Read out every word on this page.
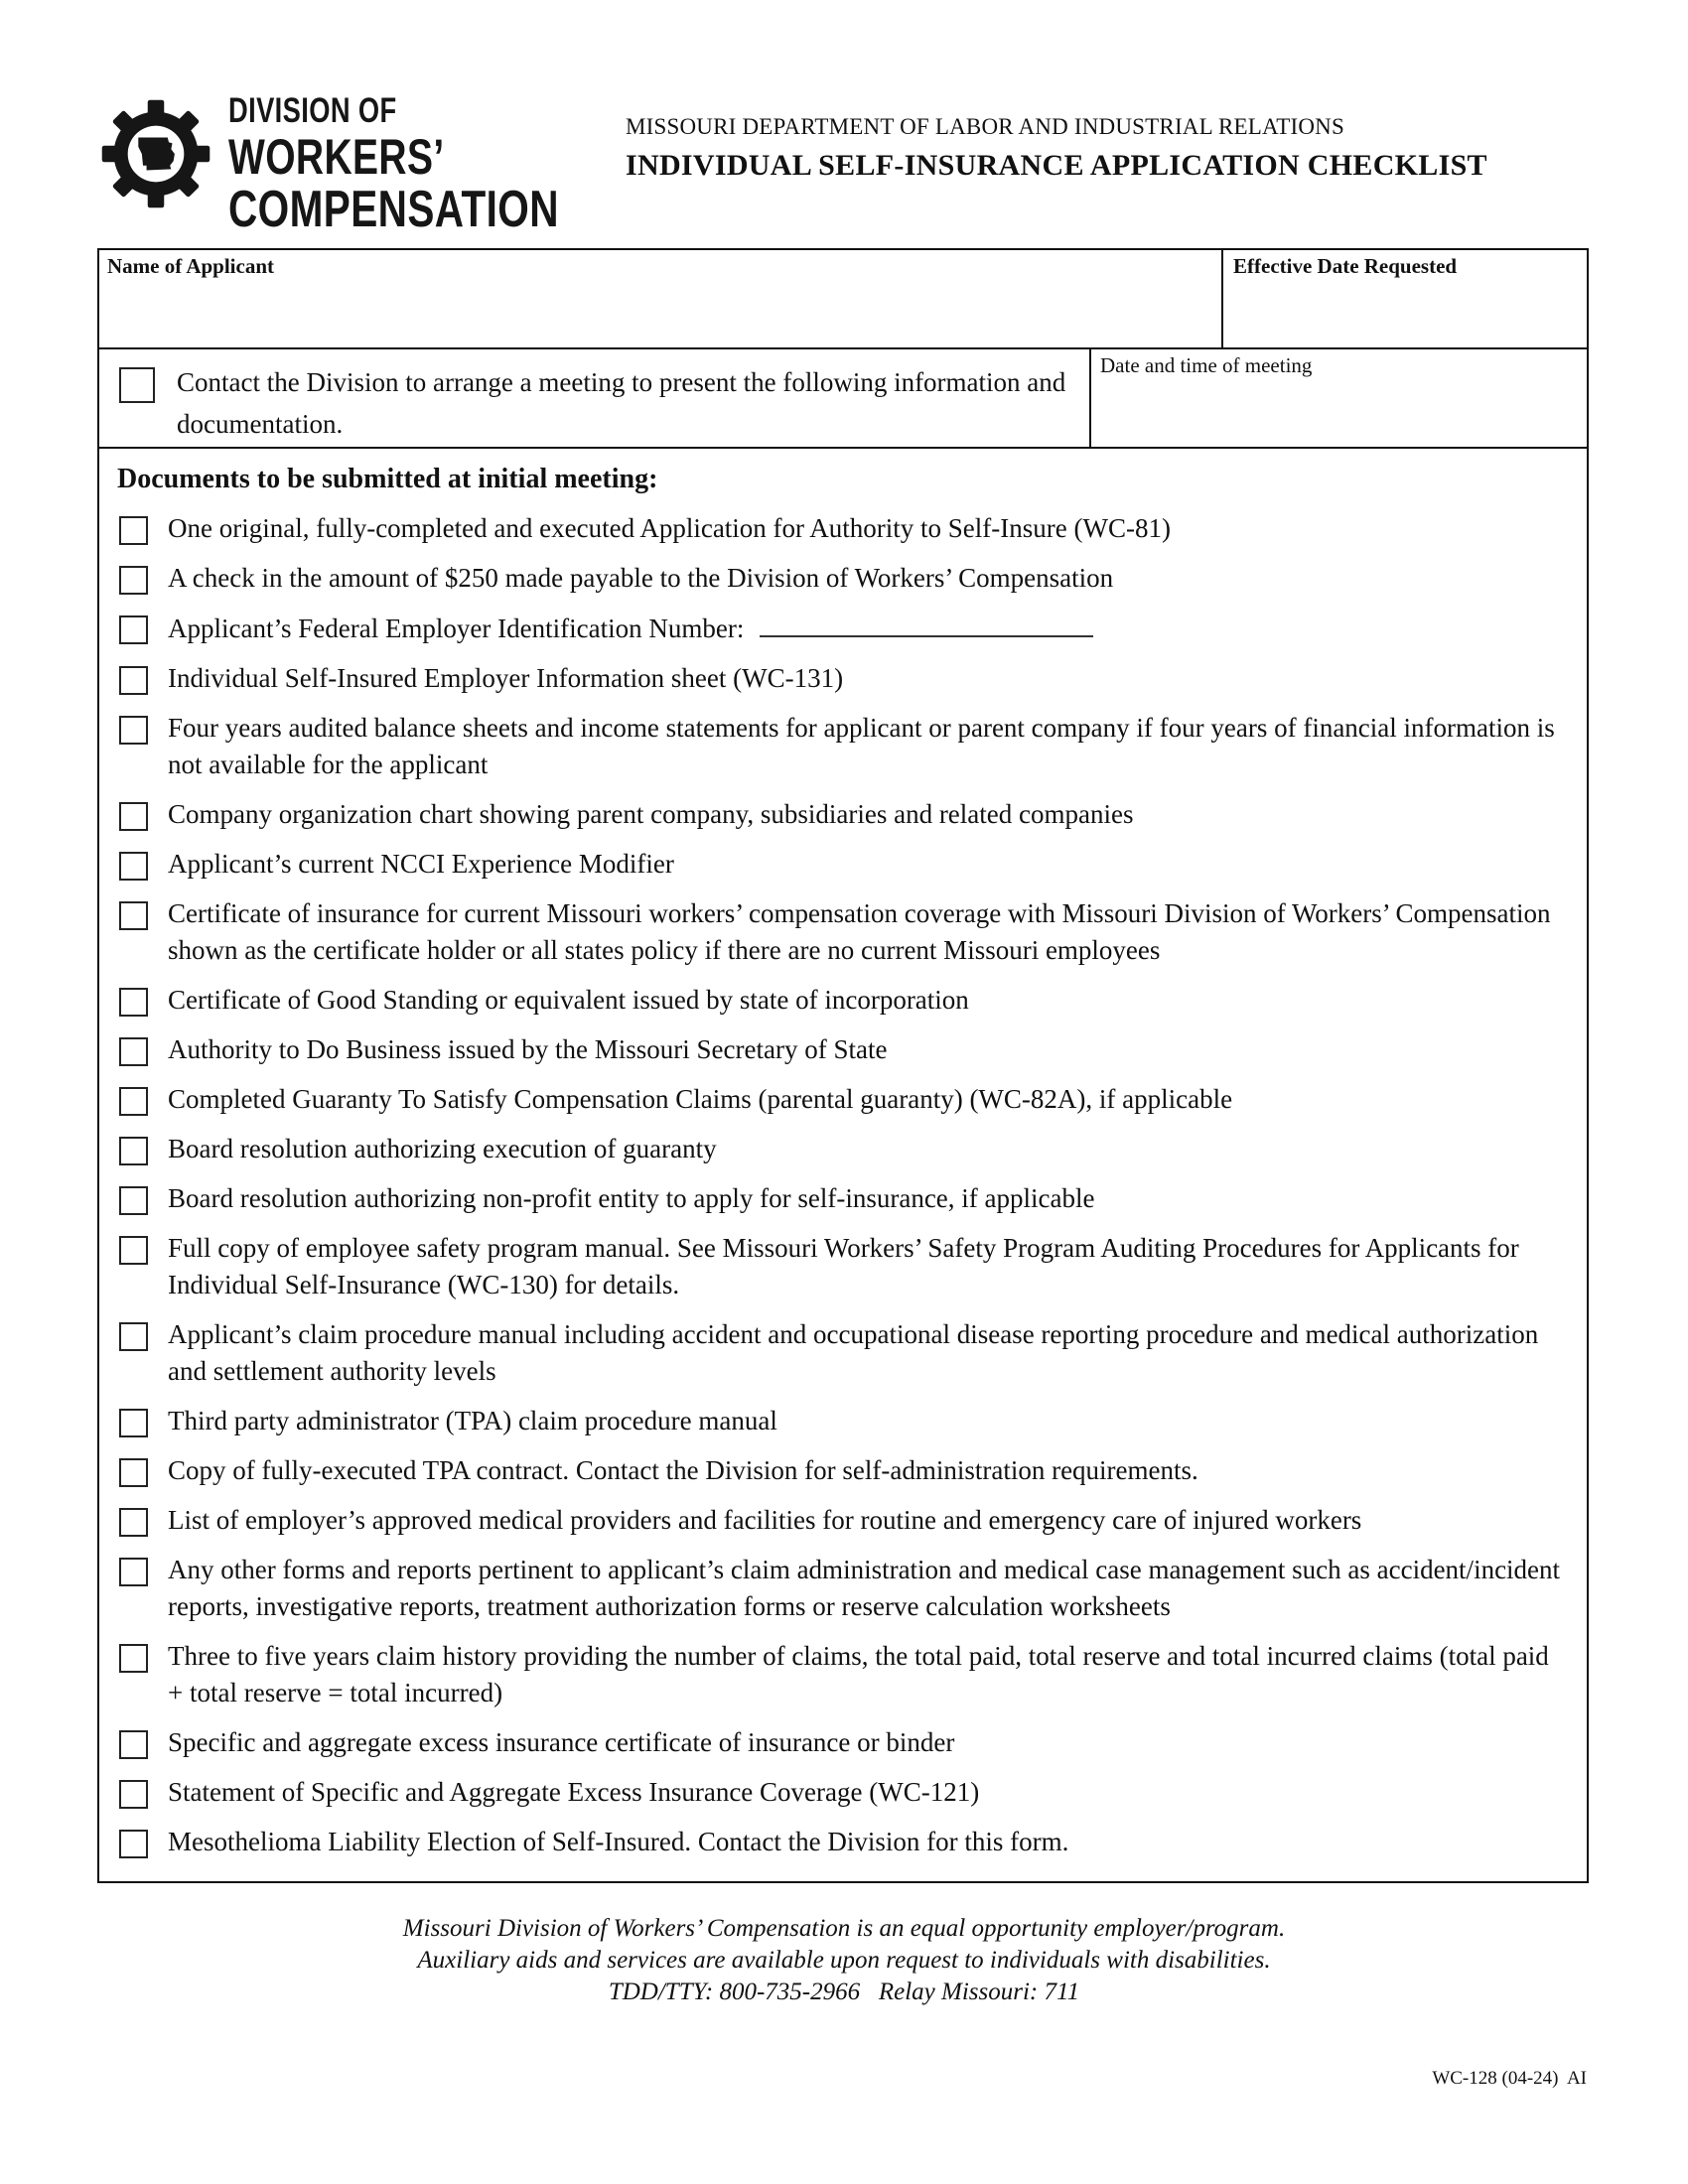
DIVISION OF
WORKERS’
COMPENSATION
MISSOURI DEPARTMENT OF LABOR AND INDUSTRIAL RELATIONS
INDIVIDUAL SELF-INSURANCE APPLICATION CHECKLIST
Name of Applicant	Effective Date Requested
Contact the Division to arrange a meeting to present the following information and documentation.
Date and time of meeting
Documents to be submitted at initial meeting:
One original, fully-completed and executed Application for Authority to Self-Insure (WC-81)
A check in the amount of $250 made payable to the Division of Workers’ Compensation
Applicant’s Federal Employer Identification Number:
Individual Self-Insured Employer Information sheet (WC-131)
Four years audited balance sheets and income statements for applicant or parent company if four years of financial information is not available for the applicant
Company organization chart showing parent company, subsidiaries and related companies
Applicant’s current NCCI Experience Modifier
Certificate of insurance for current Missouri workers’ compensation coverage with Missouri Division of Workers’ Compensation shown as the certificate holder or all states policy if there are no current Missouri employees
Certificate of Good Standing or equivalent issued by state of incorporation
Authority to Do Business issued by the Missouri Secretary of State
Completed Guaranty To Satisfy Compensation Claims (parental guaranty) (WC-82A), if applicable
Board resolution authorizing execution of guaranty
Board resolution authorizing non-profit entity to apply for self-insurance, if applicable
Full copy of employee safety program manual. See Missouri Workers’ Safety Program Auditing Procedures for Applicants for Individual Self-Insurance (WC-130) for details.
Applicant’s claim procedure manual including accident and occupational disease reporting procedure and medical authorization and settlement authority levels
Third party administrator (TPA) claim procedure manual
Copy of fully-executed TPA contract. Contact the Division for self-administration requirements.
List of employer’s approved medical providers and facilities for routine and emergency care of injured workers
Any other forms and reports pertinent to applicant’s claim administration and medical case management such as accident/incident reports, investigative reports, treatment authorization forms or reserve calculation worksheets
Three to five years claim history providing the number of claims, the total paid, total reserve and total incurred claims (total paid + total reserve = total incurred)
Specific and aggregate excess insurance certificate of insurance or binder
Statement of Specific and Aggregate Excess Insurance Coverage (WC-121)
Mesothelioma Liability Election of Self-Insured. Contact the Division for this form.
Missouri Division of Workers’ Compensation is an equal opportunity employer/program.
Auxiliary aids and services are available upon request to individuals with disabilities.
TDD/TTY: 800-735-2966   Relay Missouri: 711
WC-128 (04-24)  AI
